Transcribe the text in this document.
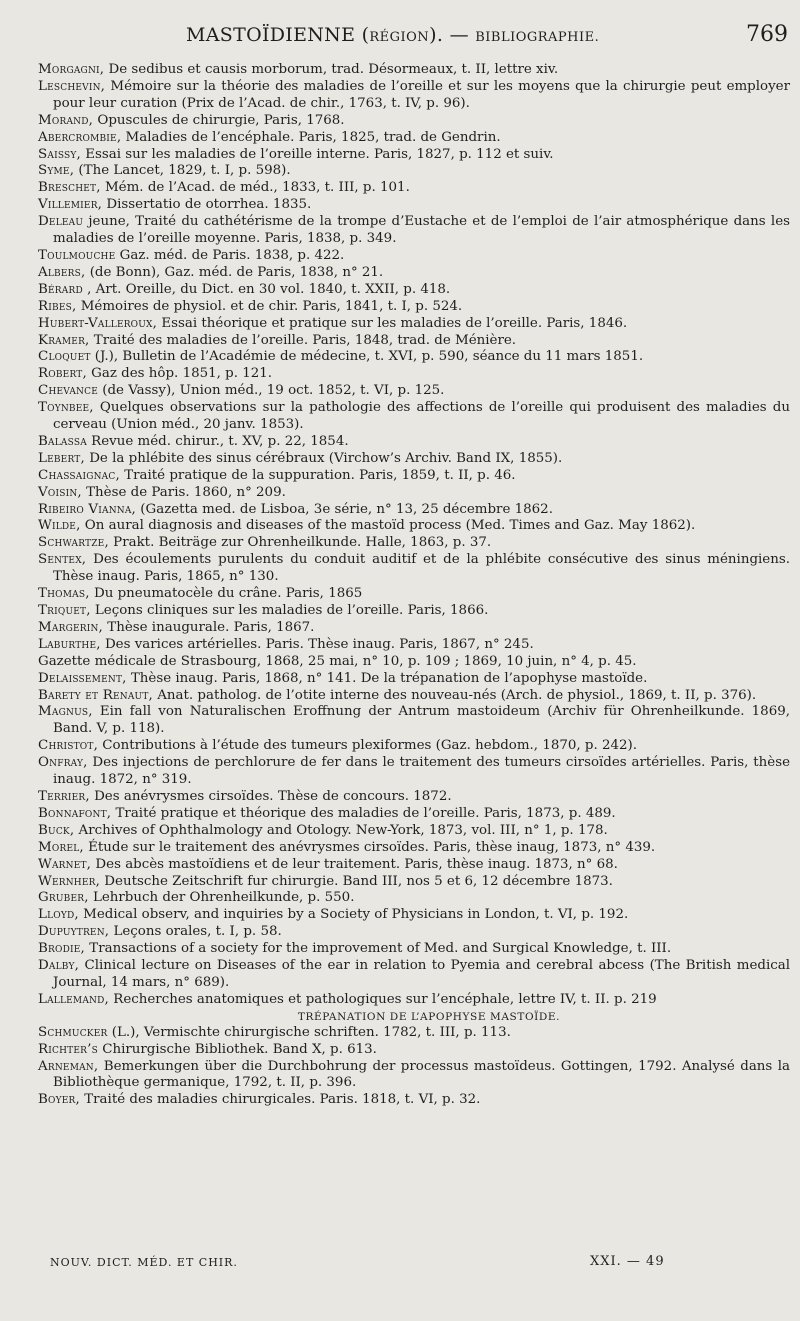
MASTOÏDIENNE (RÉGION). — BIBLIOGRAPHIE.	769
Morgagni, De sedibus et causis morborum, trad. Désormeaux, t. II, lettre xiv.
Leschevin, Mémoire sur la théorie des maladies de l’oreille et sur les moyens que la chirurgie peut employer pour leur curation (Prix de l’Acad. de chir., 1763, t. IV, p. 96).
Morand, Opuscules de chirurgie, Paris, 1768.
Abercrombie, Maladies de l’encéphale. Paris, 1825, trad. de Gendrin.
Saissy, Essai sur les maladies de l’oreille interne. Paris, 1827, p. 112 et suiv.
Syme, (The Lancet, 1829, t. I, p. 598).
Breschet, Mém. de l’Acad. de méd., 1833, t. III, p. 101.
Villemier, Dissertatio de otorrhea. 1835.
Deleau jeune, Traité du cathétérisme de la trompe d’Eustache et de l’emploi de l’air atmosphérique dans les maladies de l’oreille moyenne. Paris, 1838, p. 349.
Toulmouche Gaz. méd. de Paris. 1838, p. 422.
Albers, (de Bonn), Gaz. méd. de Paris, 1838, n° 21.
Bérard , Art. Oreille, du Dict. en 30 vol. 1840, t. XXII, p. 418.
Ribes, Mémoires de physiol. et de chir. Paris, 1841, t. I, p. 524.
Hubert-Valleroux, Essai théorique et pratique sur les maladies de l’oreille. Paris, 1846.
Kramer, Traité des maladies de l’oreille. Paris, 1848, trad. de Ménière.
Cloquet (J.), Bulletin de l’Académie de médecine, t. XVI, p. 590, séance du 11 mars 1851.
Robert, Gaz des hôp. 1851, p. 121.
Chevance (de Vassy), Union méd., 19 oct. 1852, t. VI, p. 125.
Toynbee, Quelques observations sur la pathologie des affections de l’oreille qui produisent des maladies du cerveau (Union méd., 20 janv. 1853).
Balassa Revue méd. chirur., t. XV, p. 22, 1854.
Lebert, De la phlébite des sinus cérébraux (Virchow’s Archiv. Band IX, 1855).
Chassaignac, Traité pratique de la suppuration. Paris, 1859, t. II, p. 46.
Voisin, Thèse de Paris. 1860, n° 209.
Ribeiro Vianna, (Gazetta med. de Lisboa, 3e série, n° 13, 25 décembre 1862.
Wilde, On aural diagnosis and diseases of the mastoïd process (Med. Times and Gaz. May 1862).
Schwartze, Prakt. Beiträge zur Ohrenheilkunde. Halle, 1863, p. 37.
Sentex, Des écoulements purulents du conduit auditif et de la phlébite consécutive des sinus méningiens. Thèse inaug. Paris, 1865, n° 130.
Thomas, Du pneumatocèle du crâne. Paris, 1865
Triquet, Leçons cliniques sur les maladies de l’oreille. Paris, 1866.
Margerin, Thèse inaugurale. Paris, 1867.
Laburthe, Des varices artérielles. Paris. Thèse inaug. Paris, 1867, n° 245.
Gazette médicale de Strasbourg, 1868, 25 mai, n° 10, p. 109 ; 1869, 10 juin, n° 4, p. 45.
Delaissement, Thèse inaug. Paris, 1868, n° 141. De la trépanation de l’apophyse mastoïde.
Barety et Renaut, Anat. patholog. de l’otite interne des nouveau-nés (Arch. de physiol., 1869, t. II, p. 376).
Magnus, Ein fall von Naturalischen Eroffnung der Antrum mastoideum (Archiv für Ohrenheilkunde. 1869, Band. V, p. 118).
Christot, Contributions à l’étude des tumeurs plexiformes (Gaz. hebdom., 1870, p. 242).
Onfray, Des injections de perchlorure de fer dans le traitement des tumeurs cirsoïdes artérielles. Paris, thèse inaug. 1872, n° 319.
Terrier, Des anévrysmes cirsoïdes. Thèse de concours. 1872.
Bonnafont, Traité pratique et théorique des maladies de l’oreille. Paris, 1873, p. 489.
Buck, Archives of Ophthalmology and Otology. New-York, 1873, vol. III, n° 1, p. 178.
Morel, Étude sur le traitement des anévrysmes cirsoïdes. Paris, thèse inaug, 1873, n° 439.
Warnet, Des abcès mastoïdiens et de leur traitement. Paris, thèse inaug. 1873, n° 68.
Wernher, Deutsche Zeitschrift fur chirurgie. Band III, nos 5 et 6, 12 décembre 1873.
Gruber, Lehrbuch der Ohrenheilkunde, p. 550.
Lloyd, Medical observ, and inquiries by a Society of Physicians in London, t. VI, p. 192.
Dupuytren, Leçons orales, t. I, p. 58.
Brodie, Transactions of a society for the improvement of Med. and Surgical Knowledge, t. III.
Dalby, Clinical lecture on Diseases of the ear in relation to Pyemia and cerebral abcess (The British medical Journal, 14 mars, n° 689).
Lallemand, Recherches anatomiques et pathologiques sur l’encéphale, lettre IV, t. II. p. 219
TRÉPANATION DE L’APOPHYSE MASTOÏDE.
Schmucker (L.), Vermischte chirurgische schriften. 1782, t. III, p. 113.
Richter’s Chirurgische Bibliothek. Band X, p. 613.
Arneman, Bemerkungen über die Durchbohrung der processus mastoïdeus. Gottingen, 1792. Analysé dans la Bibliothèque germanique, 1792, t. II, p. 396.
Boyer, Traité des maladies chirurgicales. Paris. 1818, t. VI, p. 32.
NOUV. DICT. MÉD. ET CHIR.	XXI. — 49
